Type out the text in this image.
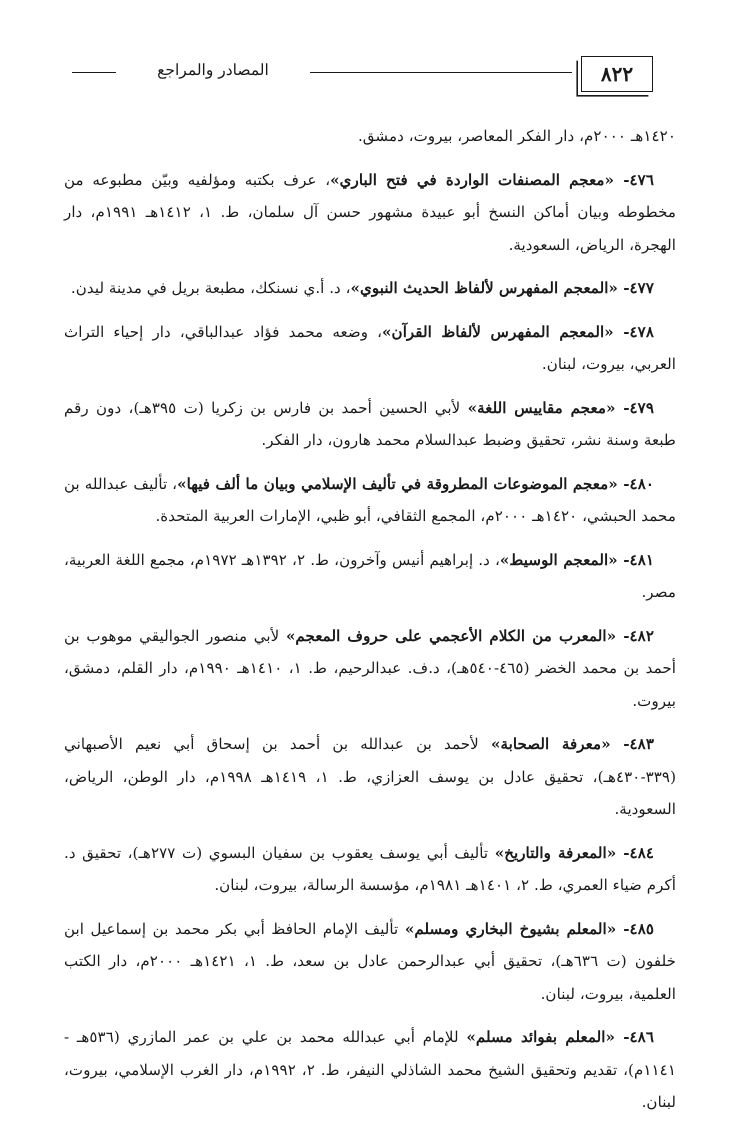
٨٢٢
المصادر والمراجع

١٤٢٠هـ ٢٠٠٠م، دار الفكر المعاصر، بيروت، دمشق.

٤٧٦- «معجم المصنفات الواردة في فتح الباري»، عرف بكتبه ومؤلفيه وبيّن مطبوعه من مخطوطه وبيان أماكن النسخ أبو عبيدة مشهور حسن آل سلمان، ط. ١، ١٤١٢هـ ١٩٩١م، دار الهجرة، الرياض، السعودية.

٤٧٧- «المعجم المفهرس لألفاظ الحديث النبوي»، د. أ.ي نسنكك، مطبعة بريل في مدينة ليدن.

٤٧٨- «المعجم المفهرس لألفاظ القرآن»، وضعه محمد فؤاد عبدالباقي، دار إحياء التراث العربي، بيروت، لبنان.

٤٧٩- «معجم مقاييس اللغة» لأبي الحسين أحمد بن فارس بن زكريا (ت ٣٩٥هـ)، دون رقم طبعة وسنة نشر، تحقيق وضبط عبدالسلام محمد هارون، دار الفكر.

٤٨٠- «معجم الموضوعات المطروقة في تأليف الإسلامي وبيان ما ألف فيها»، تأليف عبدالله بن محمد الحبشي، ١٤٢٠هـ ٢٠٠٠م، المجمع الثقافي، أبو ظبي، الإمارات العربية المتحدة.

٤٨١- «المعجم الوسيط»، د. إبراهيم أنيس وآخرون، ط. ٢، ١٣٩٢هـ ١٩٧٢م، مجمع اللغة العربية، مصر.

٤٨٢- «المعرب من الكلام الأعجمي على حروف المعجم» لأبي منصور الجواليقي موهوب بن أحمد بن محمد الخضر (٤٦٥-٥٤٠هـ)، د.ف. عبدالرحيم، ط. ١، ١٤١٠هـ ١٩٩٠م، دار القلم، دمشق، بيروت.

٤٨٣- «معرفة الصحابة» لأحمد بن عبدالله بن أحمد بن إسحاق أبي نعيم الأصبهاني (٣٣٩-٤٣٠هـ)، تحقيق عادل بن يوسف العزازي، ط. ١، ١٤١٩هـ ١٩٩٨م، دار الوطن، الرياض، السعودية.

٤٨٤- «المعرفة والتاريخ» تأليف أبي يوسف يعقوب بن سفيان البسوي (ت ٢٧٧هـ)، تحقيق د. أكرم ضياء العمري، ط. ٢، ١٤٠١هـ ١٩٨١م، مؤسسة الرسالة، بيروت، لبنان.

٤٨٥- «المعلم بشيوخ البخاري ومسلم» تأليف الإمام الحافظ أبي بكر محمد بن إسماعيل ابن خلفون (ت ٦٣٦هـ)، تحقيق أبي عبدالرحمن عادل بن سعد، ط. ١، ١٤٢١هـ ٢٠٠٠م، دار الكتب العلمية، بيروت، لبنان.

٤٨٦- «المعلم بفوائد مسلم» للإمام أبي عبدالله محمد بن علي بن عمر المازري (٥٣٦هـ - ١١٤١م)، تقديم وتحقيق الشيخ محمد الشاذلي النيفر، ط. ٢، ١٩٩٢م، دار الغرب الإسلامي، بيروت، لبنان.
